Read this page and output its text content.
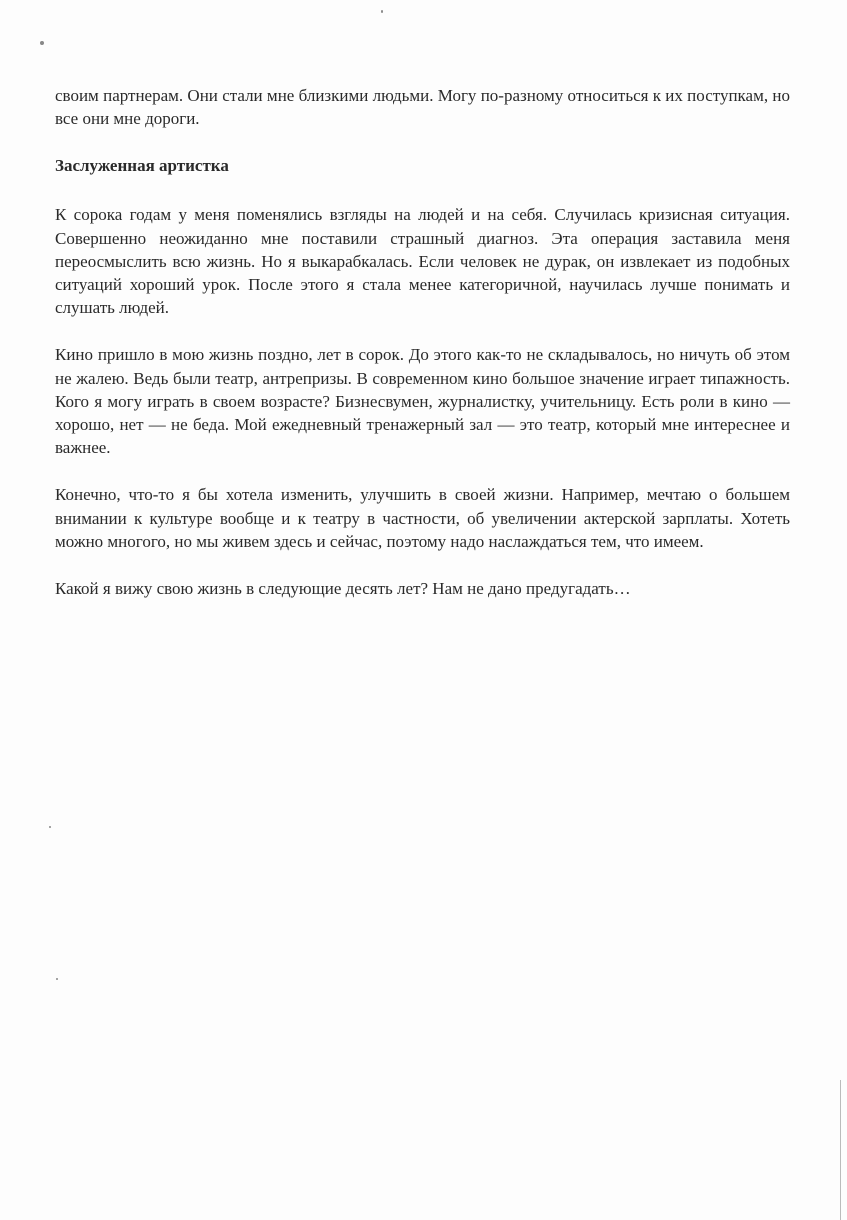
своим партнерам. Они стали мне близкими людьми. Могу по-разному относиться к их поступкам, но все они мне дороги.

Заслуженная артистка

К сорока годам у меня поменялись взгляды на людей и на себя. Случилась кризисная ситуация. Совершенно неожиданно мне поставили страшный диагноз. Эта операция заставила меня переосмыслить всю жизнь. Но я выкарабкалась. Если человек не дурак, он извлекает из подобных ситуаций хороший урок. После этого я стала менее категоричной, научилась лучше понимать и слушать людей.

Кино пришло в мою жизнь поздно, лет в сорок. До этого как-то не складывалось, но ничуть об этом не жалею. Ведь были театр, антрепризы. В современном кино большое значение играет типажность. Кого я могу играть в своем возрасте? Бизнесвумен, журналистку, учительницу. Есть роли в кино — хорошо, нет — не беда. Мой ежедневный тренажерный зал — это театр, который мне интереснее и важнее.

Конечно, что-то я бы хотела изменить, улучшить в своей жизни. Например, мечтаю о большем внимании к культуре вообще и к театру в частности, об увеличении актерской зарплаты. Хотеть можно многого, но мы живем здесь и сейчас, поэтому надо наслаждаться тем, что имеем.

Какой я вижу свою жизнь в следующие десять лет? Нам не дано предугадать…
